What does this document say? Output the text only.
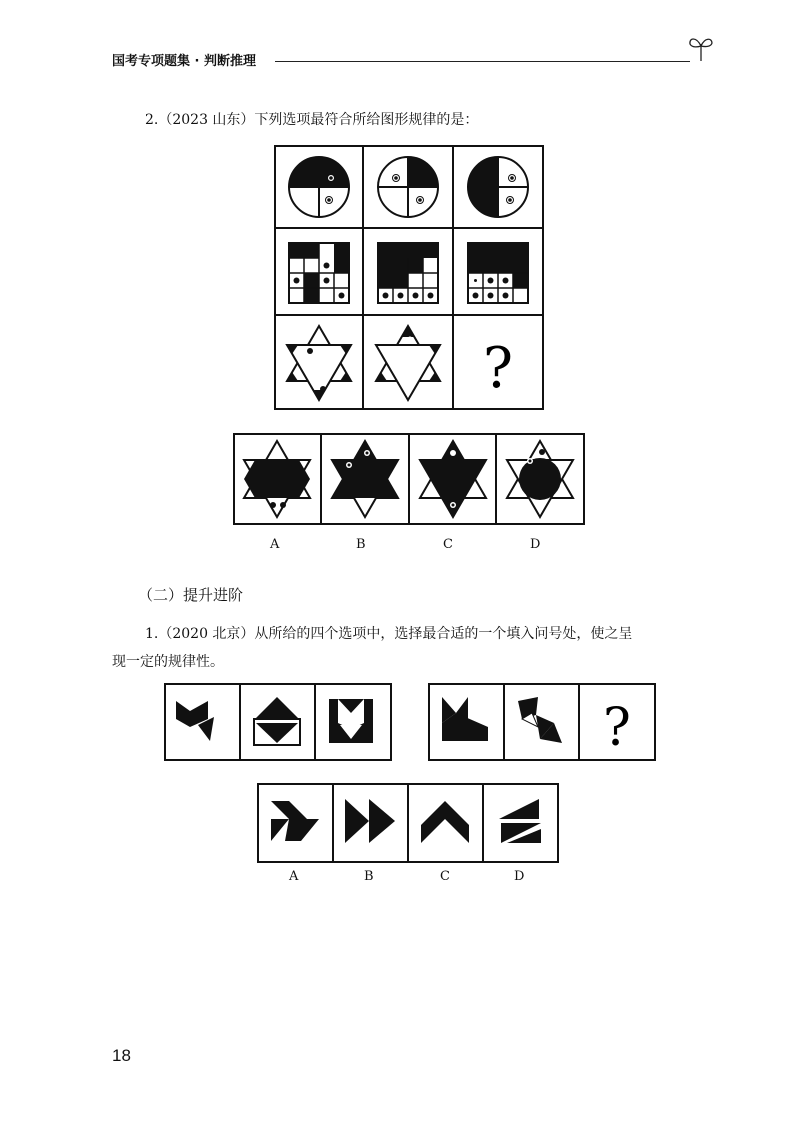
国考专项题集 · 判断推理
2.（2023 山东）下列选项最符合所给图形规律的是：
?
A	B	C	D
（二）提升进阶
1.（2020 北京）从所给的四个选项中，选择最合适的一个填入问号处，使之呈
现一定的规律性。
?
A	B	C	D
18
